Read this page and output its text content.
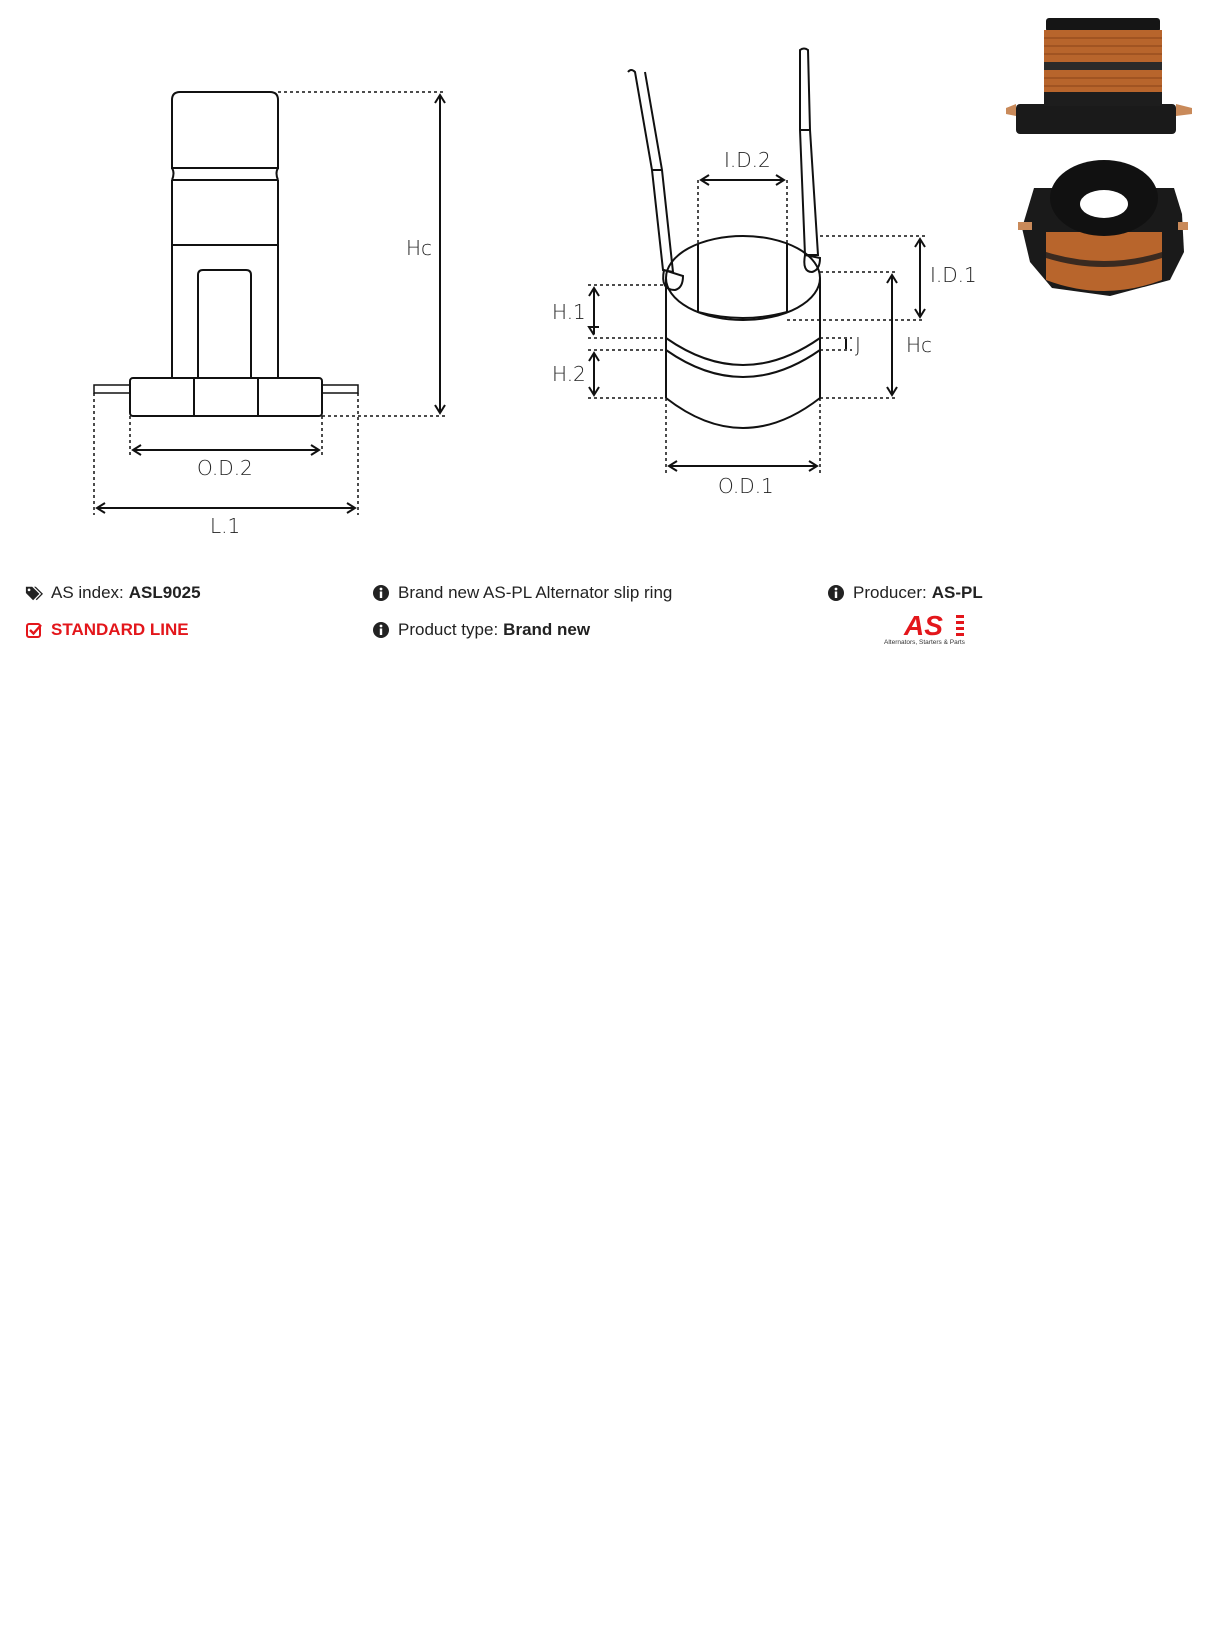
Hc
O.D.2
L.1
I.D.2
I.D.1
Hc
J
H.1
H.2
O.D.1
AS index: ASL9025
STANDARD LINE
Brand new AS-PL Alternator slip ring
Product type: Brand new
Producer: AS-PL
AS
Alternators, Starters & Parts
